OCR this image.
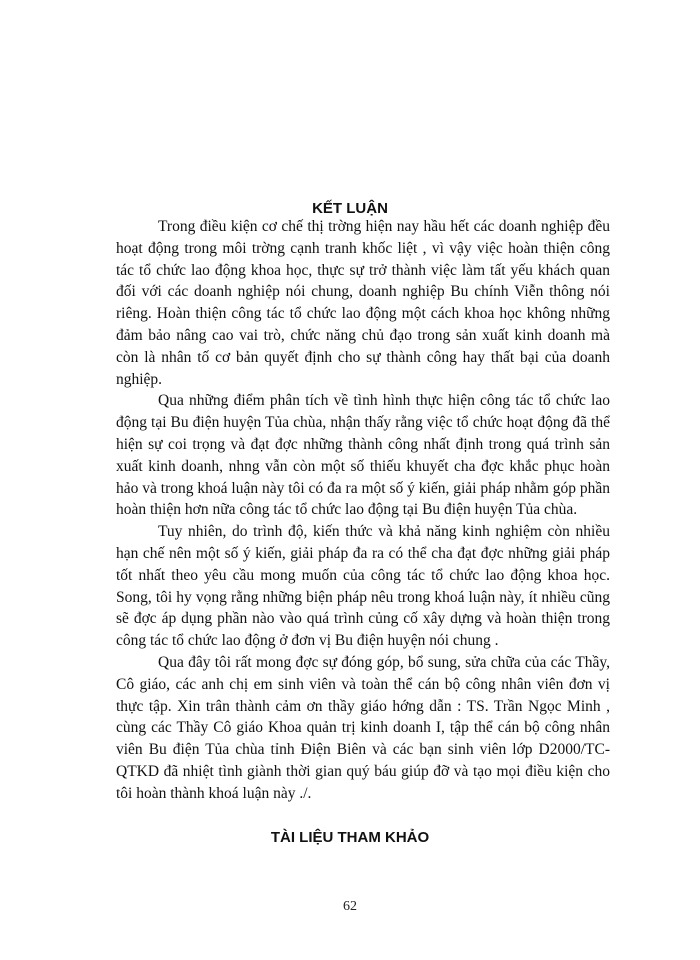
KẾT LUẬN

Trong điều kiện cơ chế thị trờng hiện nay hầu hết các doanh nghiệp đều hoạt động trong môi trờng cạnh tranh khốc liệt , vì vậy việc hoàn thiện công tác tổ chức lao động khoa học, thực sự trở thành việc làm tất yếu khách quan đối với các doanh nghiệp nói chung, doanh nghiệp Bu chính Viễn thông nói riêng. Hoàn thiện công tác tổ chức lao động một cách khoa học không những đảm bảo nâng cao vai trò, chức năng chủ đạo trong sản xuất kinh doanh mà còn là nhân tố cơ bản quyết định cho sự thành công hay thất bại của doanh nghiệp.

Qua những điểm phân tích về tình hình thực hiện công tác tổ chức lao động tại Bu điện huyện Tủa chùa, nhận thấy rằng việc tổ chức hoạt động đã thể hiện sự coi trọng và đạt đợc những thành công nhất định trong quá trình sản xuất kinh doanh, nhng vẫn còn một số thiếu khuyết cha đợc khắc phục hoàn hảo và trong khoá luận này tôi có đa ra một số ý kiến, giải pháp nhằm góp phần hoàn thiện hơn nữa công tác tổ chức lao động tại Bu điện huyện Tủa chùa.

Tuy nhiên, do trình độ, kiến thức và khả năng kinh nghiệm còn nhiều hạn chế nên một số ý kiến, giải pháp đa ra có thể cha đạt đợc những giải pháp tốt nhất theo yêu cầu mong muốn của công tác tổ chức lao động khoa học. Song, tôi hy vọng rằng những biện pháp nêu trong khoá luận này, ít nhiều cũng sẽ đợc áp dụng phần nào vào quá trình củng cố xây dựng và hoàn thiện trong công tác tổ chức lao động ở đơn vị Bu điện huyện nói chung .

Qua đây tôi rất mong đợc sự đóng góp, bổ sung, sửa chữa của các Thầy, Cô giáo, các anh chị em sinh viên và toàn thể cán bộ công nhân viên đơn vị thực tập. Xin trân thành cảm ơn thầy giáo hớng dẫn : TS. Trần Ngọc Minh , cùng các Thầy Cô giáo Khoa quản trị kinh doanh I, tập thể cán bộ công nhân viên Bu điện Tủa chùa tỉnh Điện Biên và các bạn sinh viên lớp D2000/TC-QTKD đã nhiệt tình giành thời gian quý báu giúp đỡ và tạo mọi điều kiện cho tôi hoàn thành khoá luận này ./.

TÀI LIỆU THAM KHẢO
62
